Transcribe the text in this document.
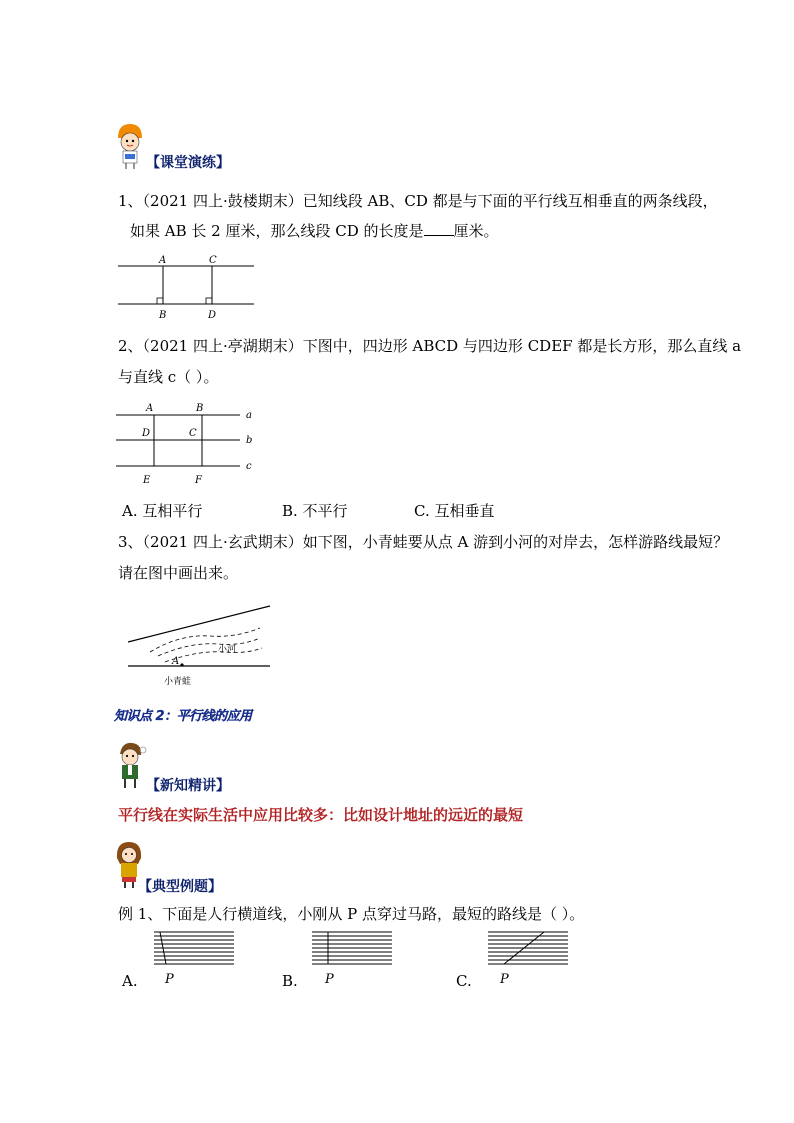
【课堂演练】
1、（2021 四上·鼓楼期末）已知线段 AB、CD 都是与下面的平行线互相垂直的两条线段，
如果 AB 长 2 厘米，那么线段 CD 的长度是 厘米。
A	C
B	D
2、（2021 四上·亭湖期末）下图中，四边形 ABCD 与四边形 CDEF 都是长方形，那么直线 a
与直线 c（ ）。
A	B
D	C
E	F
a
b
c
A. 互相平行	B. 不平行	C. 互相垂直
3、（2021 四上·玄武期末）如下图，小青蛙要从点 A 游到小河的对岸去，怎样游路线最短？
请在图中画出来。
A
小河
小青蛙
知识点 2：平行线的应用
【新知精讲】
平行线在实际生活中应用比较多：比如设计地址的远近的最短
【典型例题】
例 1、下面是人行横道线，小刚从 P 点穿过马路，最短的路线是（ ）。
P
A.	P
B.	P
C.
